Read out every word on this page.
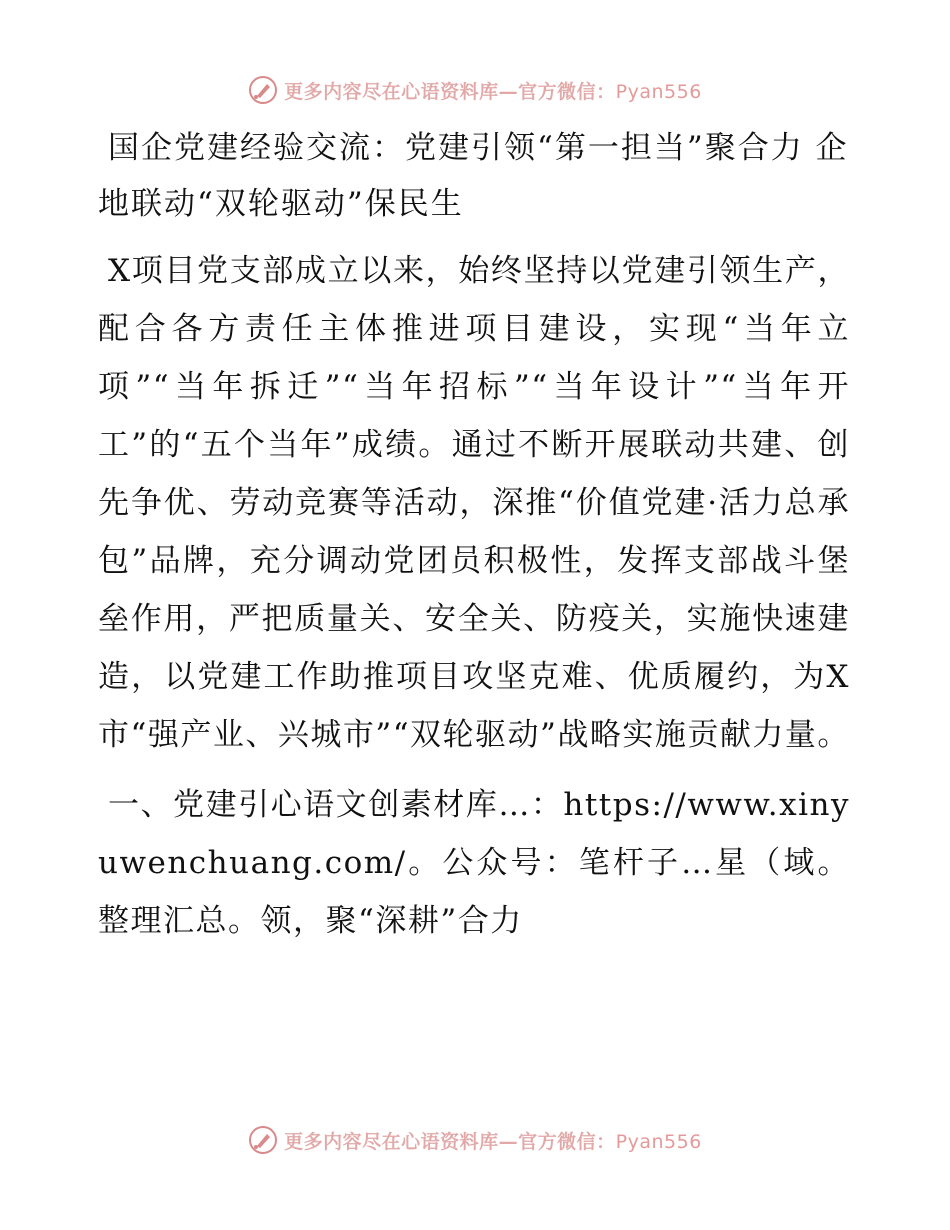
更多内容尽在心语资料库—官方微信：Pyan556
国企党建经验交流：党建引领“第一担当”聚合力 企地联动“双轮驱动”保民生

X项目党支部成立以来，始终坚持以党建引领生产，配合各方责任主体推进项目建设，实现“当年立项”“当年拆迁”“当年招标”“当年设计”“当年开工”的“五个当年”成绩。通过不断开展联动共建、创先争优、劳动竞赛等活动，深推“价值党建·活力总承包”品牌，充分调动党团员积极性，发挥支部战斗堡垒作用，严把质量关、安全关、防疫关，实施快速建造，以党建工作助推项目攻坚克难、优质履约，为X市“强产业、兴城市”“双轮驱动”战略实施贡献力量。

一、党建引心语文创素材库…：https://www.xinyuwenchuang.com/。公众号：笔杆子…星（域。整理汇总。领，聚“深耕”合力

更多内容尽在心语资料库—官方微信：Pyan556
